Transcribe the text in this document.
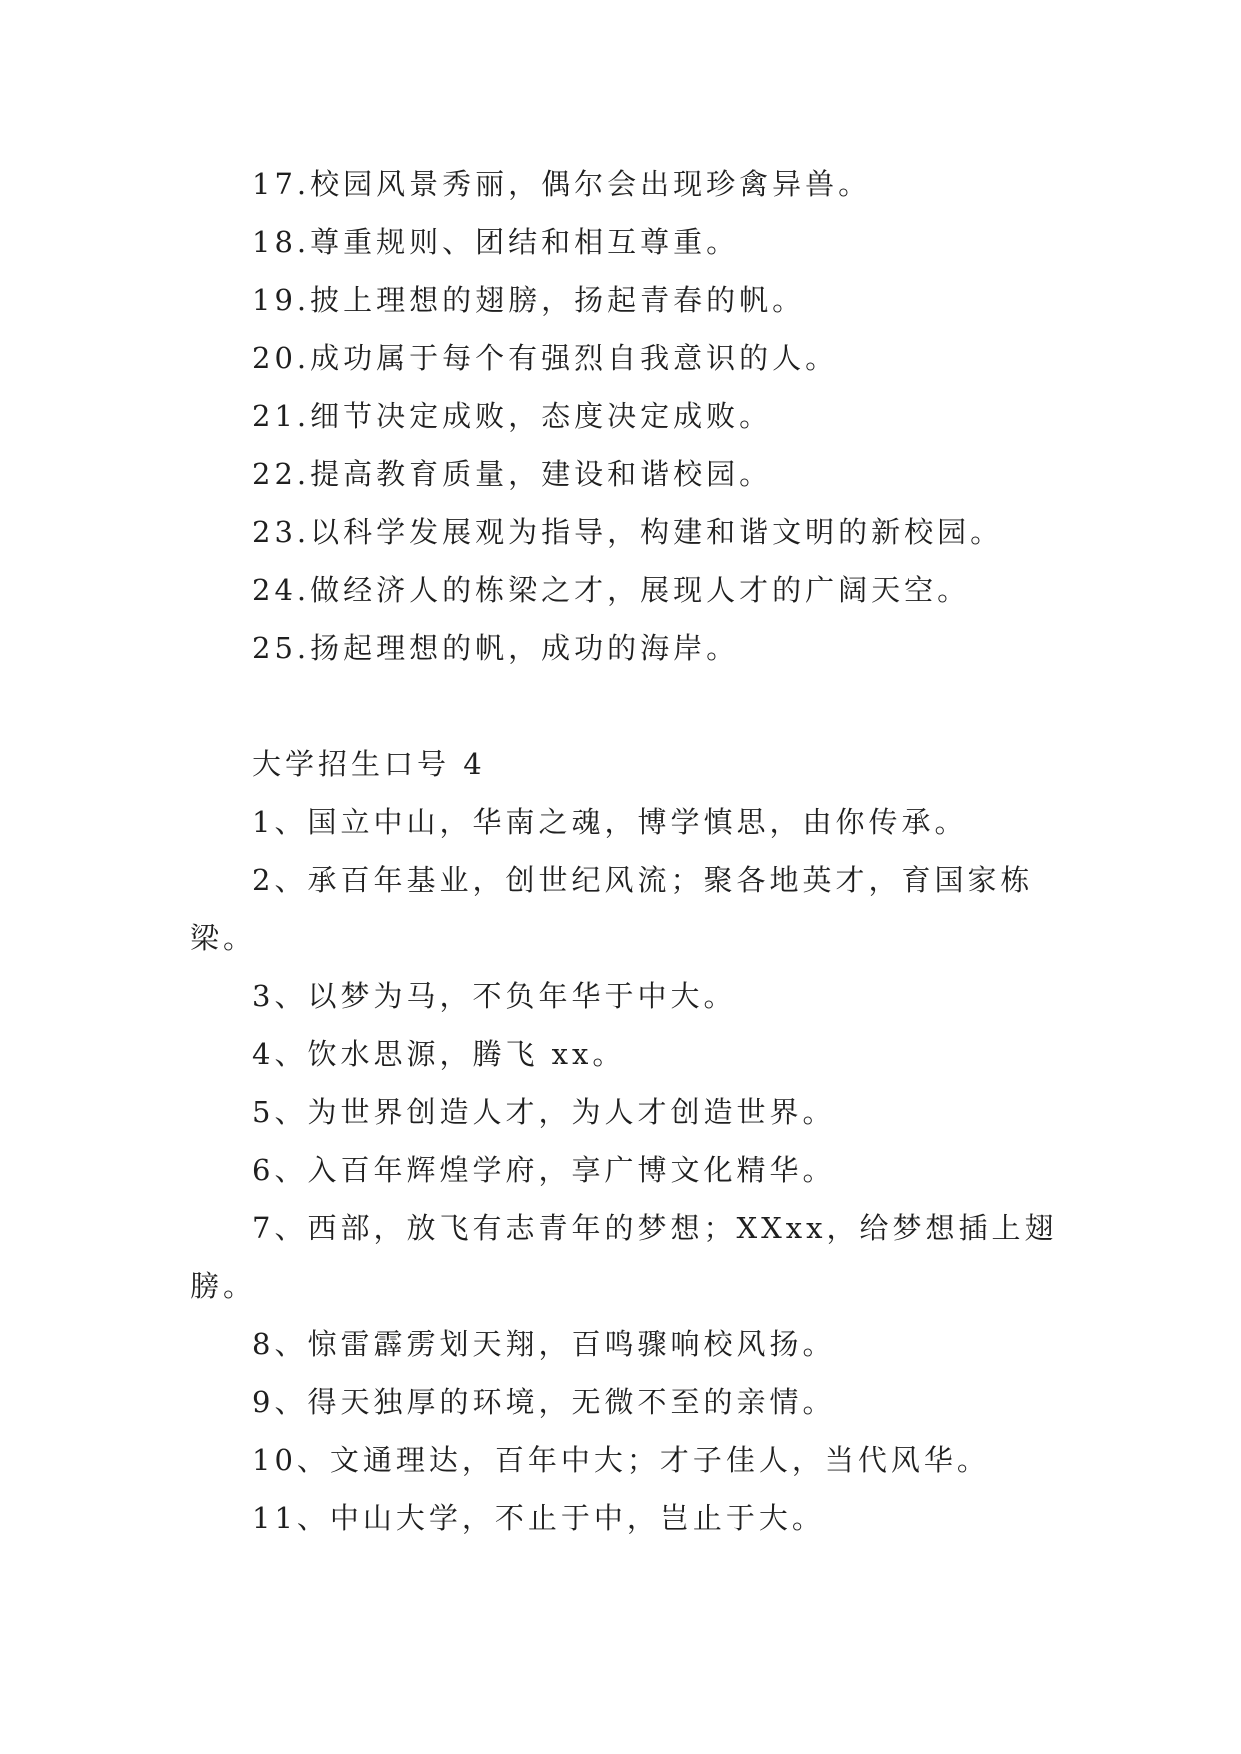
17.校园风景秀丽，偶尔会出现珍禽异兽。
18.尊重规则、团结和相互尊重。
19.披上理想的翅膀，扬起青春的帆。
20.成功属于每个有强烈自我意识的人。
21.细节决定成败，态度决定成败。
22.提高教育质量，建设和谐校园。
23.以科学发展观为指导，构建和谐文明的新校园。
24.做经济人的栋梁之才，展现人才的广阔天空。
25.扬起理想的帆，成功的海岸。
大学招生口号 4
1、国立中山，华南之魂，博学慎思，由你传承。
2、承百年基业，创世纪风流；聚各地英才，育国家栋
梁。
3、以梦为马，不负年华于中大。
4、饮水思源，腾飞 xx。
5、为世界创造人才，为人才创造世界。
6、入百年辉煌学府，享广博文化精华。
7、西部，放飞有志青年的梦想；XXxx，给梦想插上翅
膀。
8、惊雷霹雳划天翔，百鸣骤响校风扬。
9、得天独厚的环境，无微不至的亲情。
10、文通理达，百年中大；才子佳人，当代风华。
11、中山大学，不止于中，岂止于大。
